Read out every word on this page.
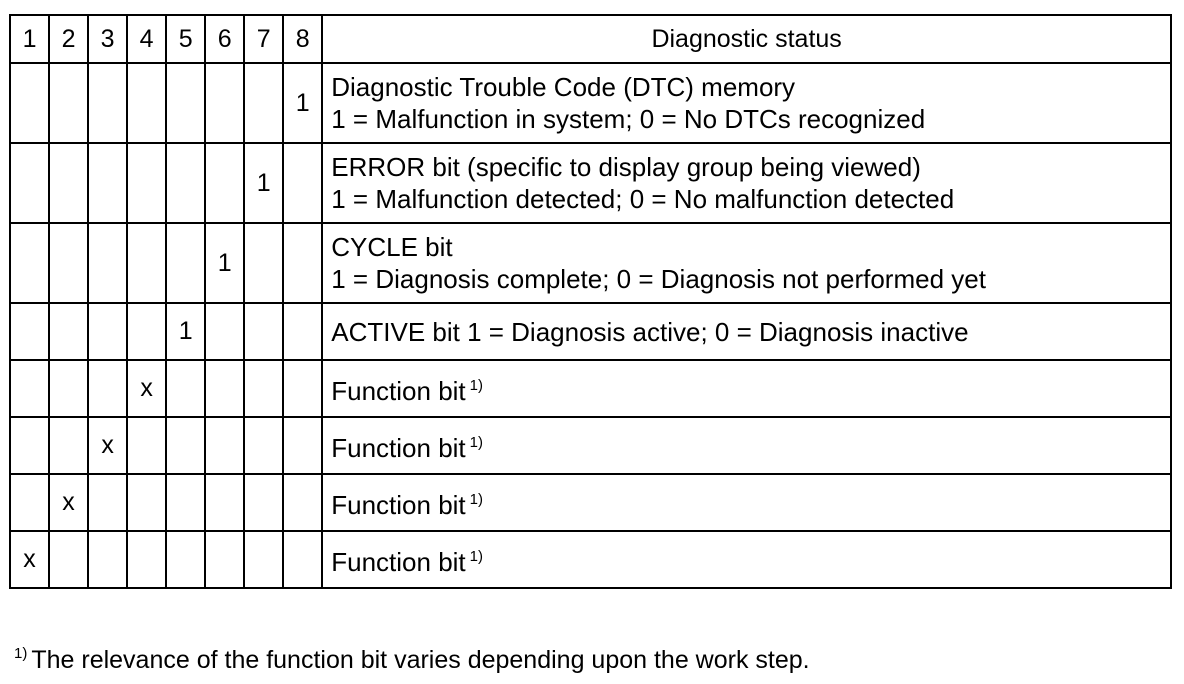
1	2	3	4	5	6	7	8	Diagnostic status
							1	Diagnostic Trouble Code (DTC) memory
1 = Malfunction in system; 0 = No DTCs recognized

						1		ERROR bit (specific to display group being viewed)
1 = Malfunction detected; 0 = No malfunction detected

					1			CYCLE bit
1 = Diagnosis complete; 0 = Diagnosis not performed yet

				1				ACTIVE bit 1 = Diagnosis active; 0 = Diagnosis inactive

			x					Function bit $^{1)}$

		x						Function bit $^{1)}$

	x							Function bit $^{1)}$

x								Function bit $^{1)}$
$^{1)}$ The relevance of the function bit varies depending upon the work step.
